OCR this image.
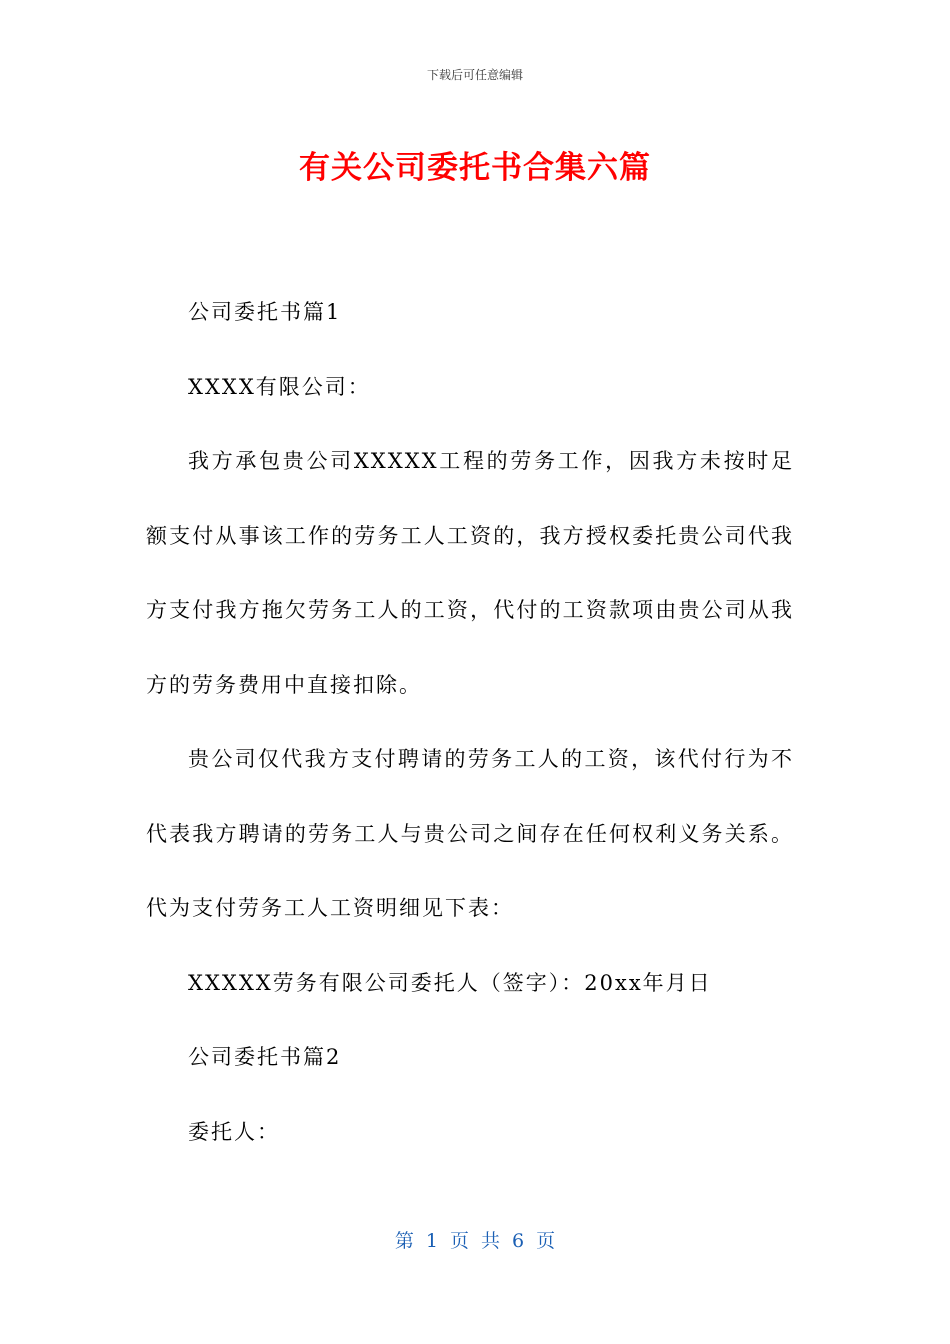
下载后可任意编辑
有关公司委托书合集六篇

公司委托书篇1

XXXX有限公司：

我方承包贵公司XXXXX工程的劳务工作，因我方未按时足额支付从事该工作的劳务工人工资的，我方授权委托贵公司代我方支付我方拖欠劳务工人的工资，代付的工资款项由贵公司从我方的劳务费用中直接扣除。

贵公司仅代我方支付聘请的劳务工人的工资，该代付行为不代表我方聘请的劳务工人与贵公司之间存在任何权利义务关系。代为支付劳务工人工资明细见下表：

XXXXX劳务有限公司委托人（签字）：20xx年月日

公司委托书篇2

委托人：

第 1 页 共 6 页
